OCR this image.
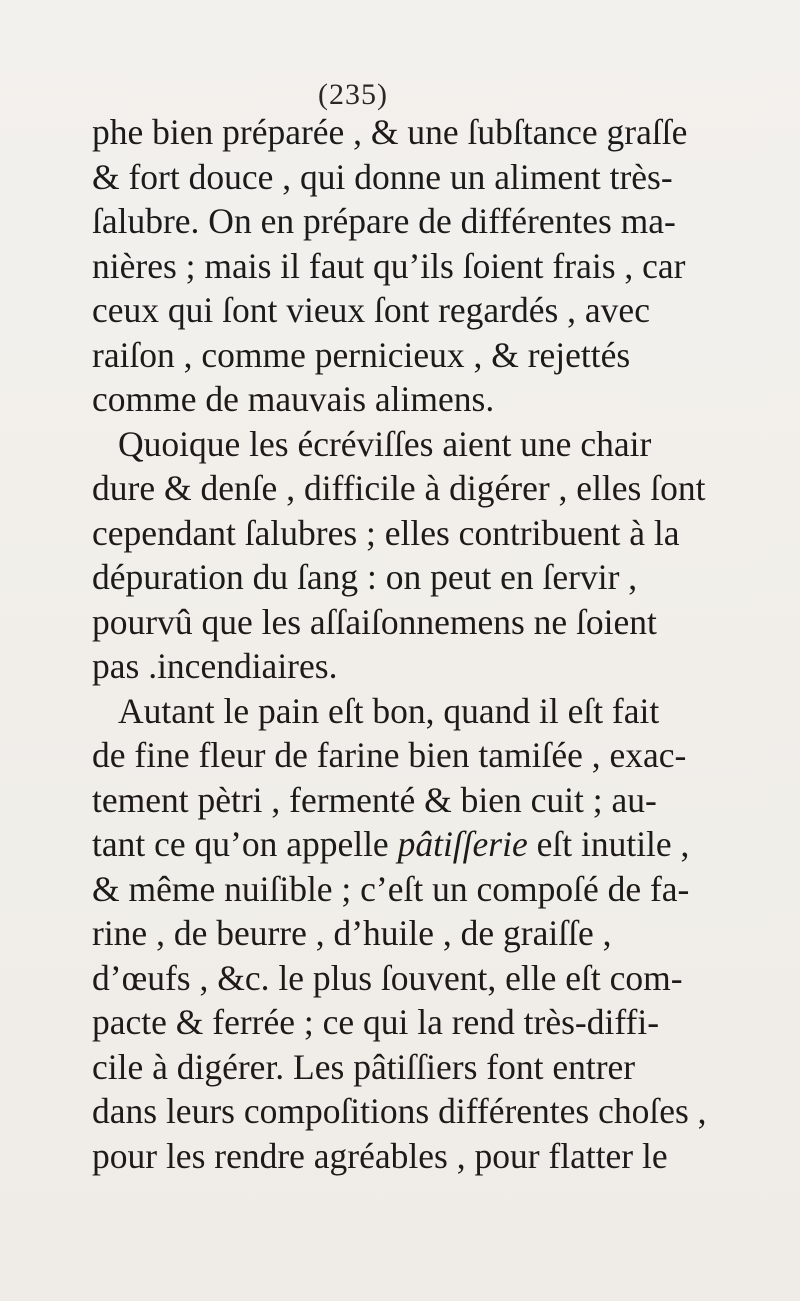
(235)
phe bien préparée , & une ſubſtance graſſe
& fort douce , qui donne un aliment très-
ſalubre. On en prépare de différentes ma-
nières ; mais il faut qu’ils ſoient frais , car
ceux qui ſont vieux ſont regardés , avec
raiſon , comme pernicieux , & rejettés
comme de mauvais alimens.
Quoique les écréviſſes aient une chair
dure & denſe , difficile à digérer , elles ſont
cependant ſalubres ; elles contribuent à la
dépuration du ſang : on peut en ſervir ,
pourvû que les aſſaiſonnemens ne ſoient
pas .incendiaires.
Autant le pain eſt bon, quand il eſt fait
de fine fleur de farine bien tamiſée , exac-
tement pètri , fermenté & bien cuit ; au-
tant ce qu’on appelle pâtiſſerie eſt inutile ,
& même nuiſible ; c’eſt un compoſé de fa-
rine , de beurre , d’huile , de graiſſe ,
d’œufs , &c. le plus ſouvent, elle eſt com-
pacte & ferrée ; ce qui la rend très-diffi-
cile à digérer. Les pâtiſſiers font entrer
dans leurs compoſitions différentes choſes ,
pour les rendre agréables , pour flatter le
